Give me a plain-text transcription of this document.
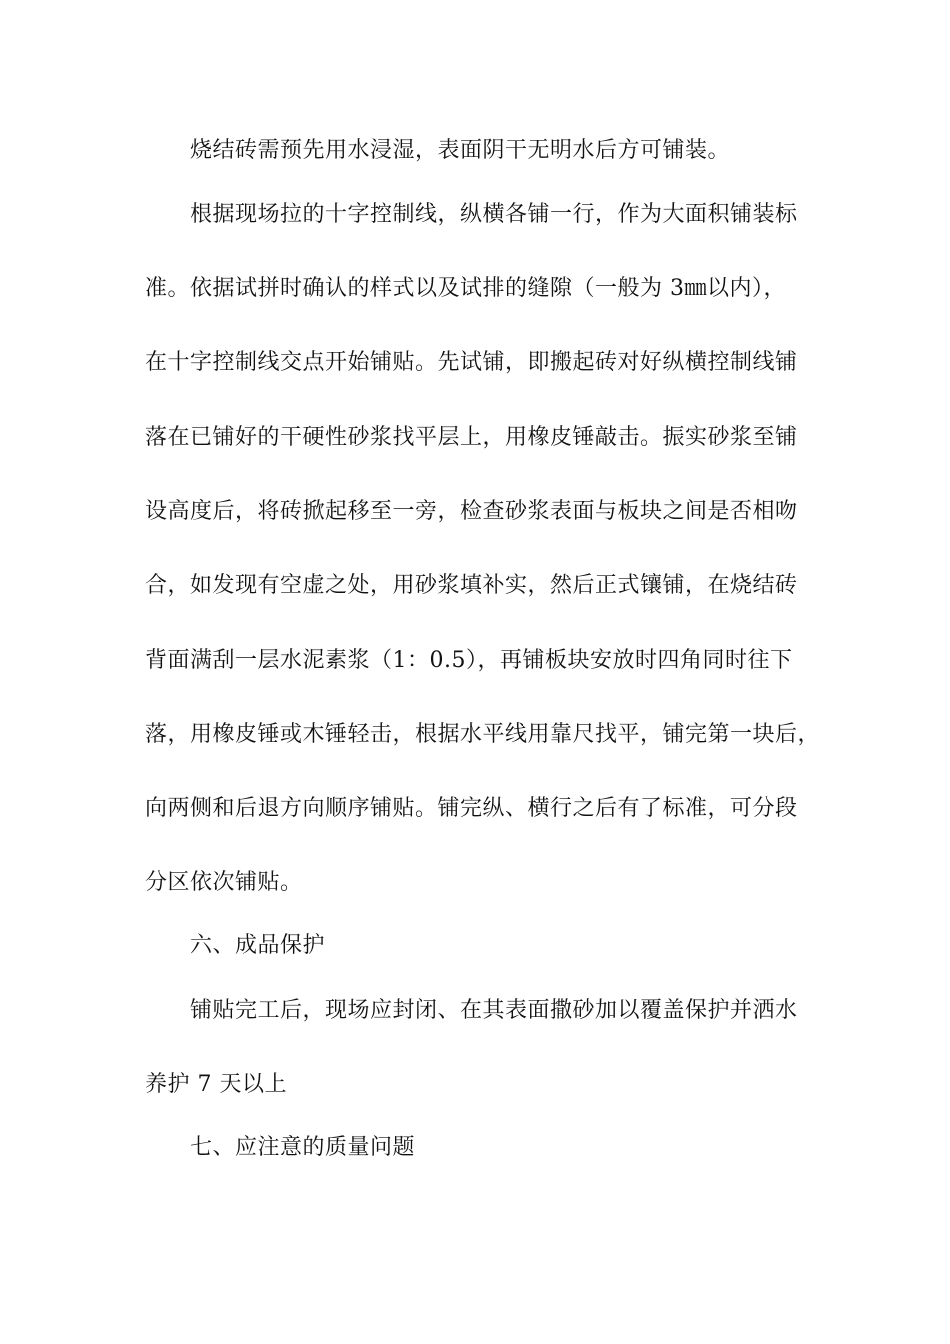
烧结砖需预先用水浸湿，表面阴干无明水后方可铺装。
根据现场拉的十字控制线，纵横各铺一行，作为大面积铺装标
准。依据试拼时确认的样式以及试排的缝隙（一般为 3㎜以内），
在十字控制线交点开始铺贴。先试铺，即搬起砖对好纵横控制线铺
落在已铺好的干硬性砂浆找平层上，用橡皮锤敲击。振实砂浆至铺
设高度后，将砖掀起移至一旁，检查砂浆表面与板块之间是否相吻
合，如发现有空虚之处，用砂浆填补实，然后正式镶铺，在烧结砖
背面满刮一层水泥素浆（1：0.5），再铺板块安放时四角同时往下
落，用橡皮锤或木锤轻击，根据水平线用靠尺找平，铺完第一块后，
向两侧和后退方向顺序铺贴。铺完纵、横行之后有了标准，可分段
分区依次铺贴。
六、成品保护
铺贴完工后，现场应封闭、在其表面撒砂加以覆盖保护并洒水
养护 7 天以上
七、应注意的质量问题
